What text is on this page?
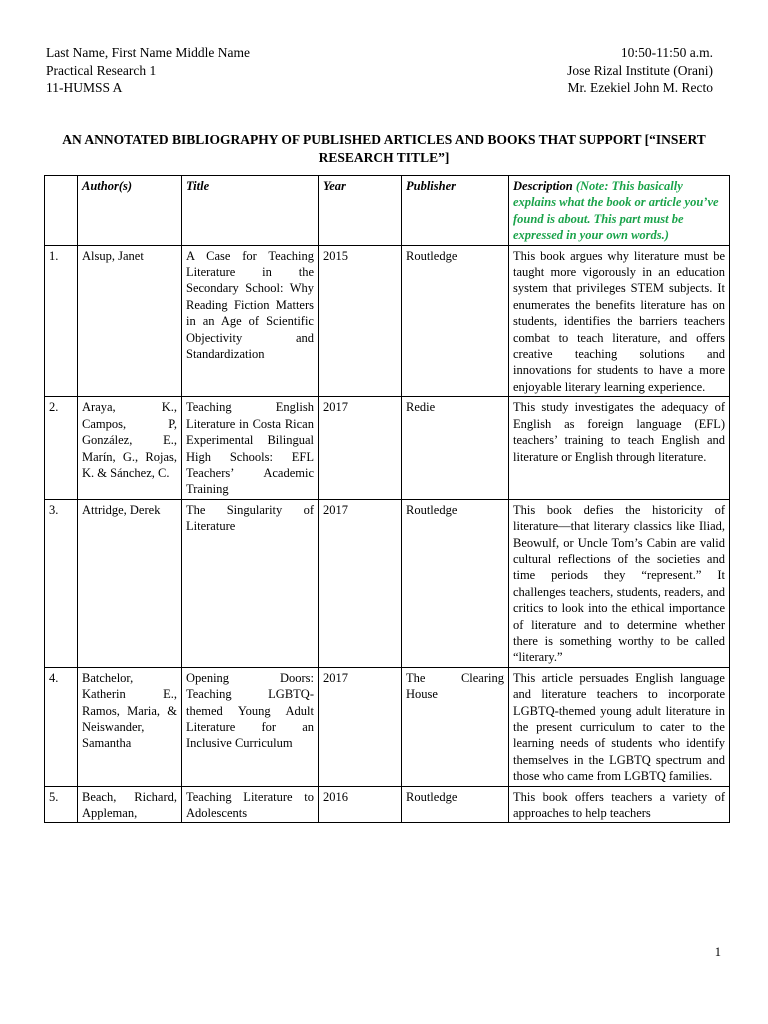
Last Name, First Name Middle Name	10:50-11:50 a.m.
Practical Research 1	Jose Rizal Institute (Orani)
11-HUMSS A	Mr. Ezekiel John M. Recto
AN ANNOTATED BIBLIOGRAPHY OF PUBLISHED ARTICLES AND BOOKS THAT SUPPORT [“INSERT RESEARCH TITLE”]
	Author(s)	Title	Year	Publisher	Description (Note: This basically explains what the book or article you’ve found is about. This part must be expressed in your own words.)
1.	Alsup, Janet	A Case for Teaching Literature in the Secondary School: Why Reading Fiction Matters in an Age of Scientific Objectivity and Standardization	2015	Routledge	This book argues why literature must be taught more vigorously in an education system that privileges STEM subjects. It enumerates the benefits literature has on students, identifies the barriers teachers combat to teach literature, and offers creative teaching solutions and innovations for students to have a more enjoyable literary learning experience.
2.	Araya, K., Campos, P, González, E., Marín, G., Rojas, K. & Sánchez, C.	Teaching English Literature in Costa Rican Experimental Bilingual High Schools: EFL Teachers’ Academic Training	2017	Redie	This study investigates the adequacy of English as foreign language (EFL) teachers’ training to teach English and literature or English through literature.
3.	Attridge, Derek	The Singularity of Literature	2017	Routledge	This book defies the historicity of literature—that literary classics like Iliad, Beowulf, or Uncle Tom’s Cabin are valid cultural reflections of the societies and time periods they “represent.” It challenges teachers, students, readers, and critics to look into the ethical importance of literature and to determine whether there is something worthy to be called “literary.”
4.	Batchelor, Katherin E., Ramos, Maria, & Neiswander, Samantha	Opening Doors: Teaching LGBTQ-themed Young Adult Literature for an Inclusive Curriculum	2017	The Clearing House	This article persuades English language and literature teachers to incorporate LGBTQ-themed young adult literature in the present curriculum to cater to the learning needs of students who identify themselves in the LGBTQ spectrum and those who came from LGBTQ families.
5.	Beach, Richard, Appleman,	Teaching Literature to Adolescents	2016	Routledge	This book offers teachers a variety of approaches to help teachers
1
